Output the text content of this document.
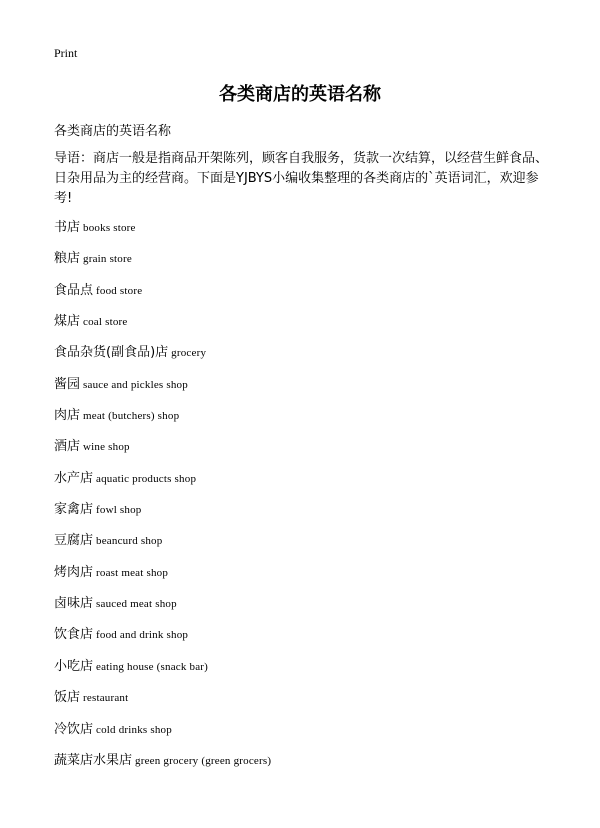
Print
各类商店的英语名称
各类商店的英语名称

导语：商店一般是指商品开架陈列，顾客自我服务，货款一次结算，以经营生鲜食品、日杂用品为主的经营商。下面是YJBYS小编收集整理的各类商店的`英语词汇，欢迎参考!

书店 books store
粮店 grain store
食品点 food store
煤店 coal store
食品杂货(副食品)店 grocery
酱园 sauce and pickles shop
肉店 meat (butchers) shop
酒店 wine shop
水产店 aquatic products shop
家禽店 fowl shop
豆腐店 beancurd shop
烤肉店 roast meat shop
卤味店 sauced meat shop
饮食店 food and drink shop
小吃店 eating house (snack bar)
饭店 restaurant
冷饮店 cold drinks shop
蔬菜店水果店 green grocery (green grocers)
